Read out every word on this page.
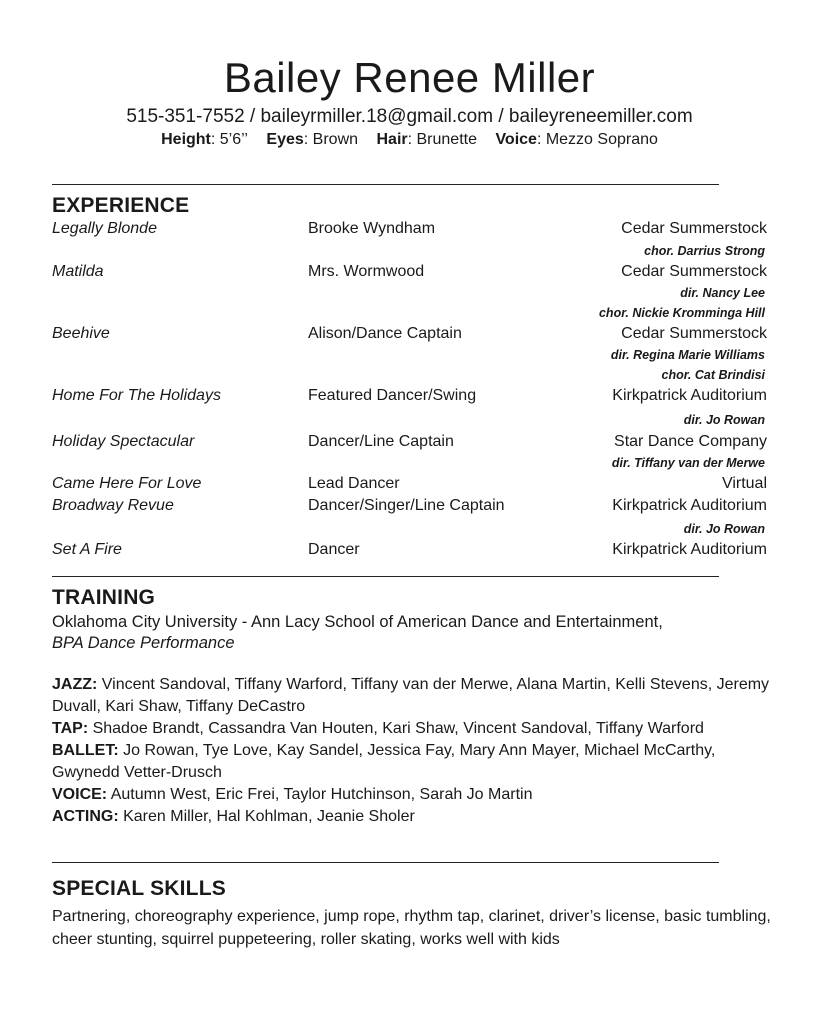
Bailey Renee Miller
515-351-7552 / baileyrmiller.18@gmail.com / baileyreneemiller.com
Height: 5’6’’ Eyes: Brown Hair: Brunette Voice: Mezzo Soprano
EXPERIENCE
Legally Blonde	Brooke Wyndham	Cedar Summerstock
chor. Darrius Strong
Matilda	Mrs. Wormwood	Cedar Summerstock
dir. Nancy Lee
chor. Nickie Kromminga Hill
Beehive	Alison/Dance Captain	Cedar Summerstock
dir. Regina Marie Williams
chor. Cat Brindisi
Home For The Holidays	Featured Dancer/Swing	Kirkpatrick Auditorium
dir. Jo Rowan
Holiday Spectacular	Dancer/Line Captain	Star Dance Company
dir. Tiffany van der Merwe
Came Here For Love	Lead Dancer	Virtual
Broadway Revue	Dancer/Singer/Line Captain	Kirkpatrick Auditorium
dir. Jo Rowan
Set A Fire	Dancer	Kirkpatrick Auditorium
TRAINING
Oklahoma City University - Ann Lacy School of American Dance and Entertainment,
BPA Dance Performance

JAZZ: Vincent Sandoval, Tiffany Warford, Tiffany van der Merwe, Alana Martin, Kelli Stevens, Jeremy Duvall, Kari Shaw, Tiffany DeCastro

TAP: Shadoe Brandt, Cassandra Van Houten, Kari Shaw, Vincent Sandoval, Tiffany Warford

BALLET: Jo Rowan, Tye Love, Kay Sandel, Jessica Fay, Mary Ann Mayer, Michael McCarthy, Gwynedd Vetter-Drusch

VOICE: Autumn West, Eric Frei, Taylor Hutchinson, Sarah Jo Martin

ACTING: Karen Miller, Hal Kohlman, Jeanie Sholer

SPECIAL SKILLS
Partnering, choreography experience, jump rope, rhythm tap, clarinet, driver’s license, basic tumbling, cheer stunting, squirrel puppeteering, roller skating, works well with kids
